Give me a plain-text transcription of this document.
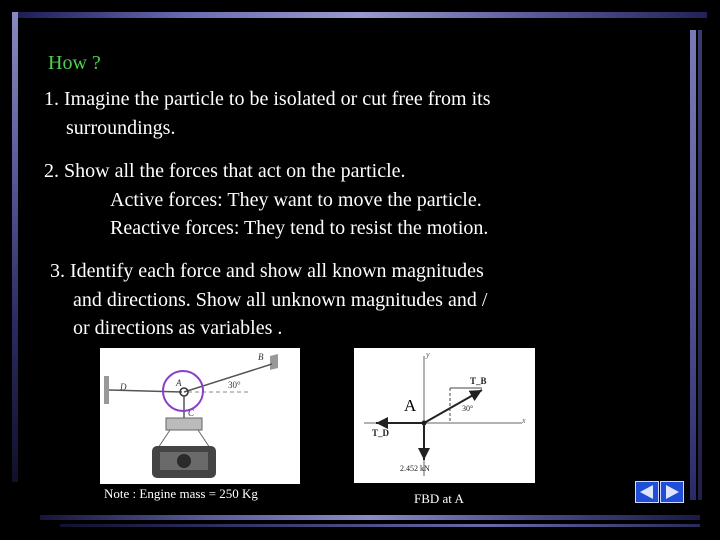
How ?
1. Imagine the particle to be isolated or cut free from its
surroundings.
2. Show all the forces that act on the particle.
Active forces: They want to move the particle.
Reactive forces: They tend to resist the motion.
3. Identify each force and show all known magnitudes
and directions. Show all unknown magnitudes and /
or directions as variables .
D	A
B
C
30°	T_B
T_D
30°
2.452 kN
x
y
A
Note : Engine mass = 250 Kg	FBD at A
